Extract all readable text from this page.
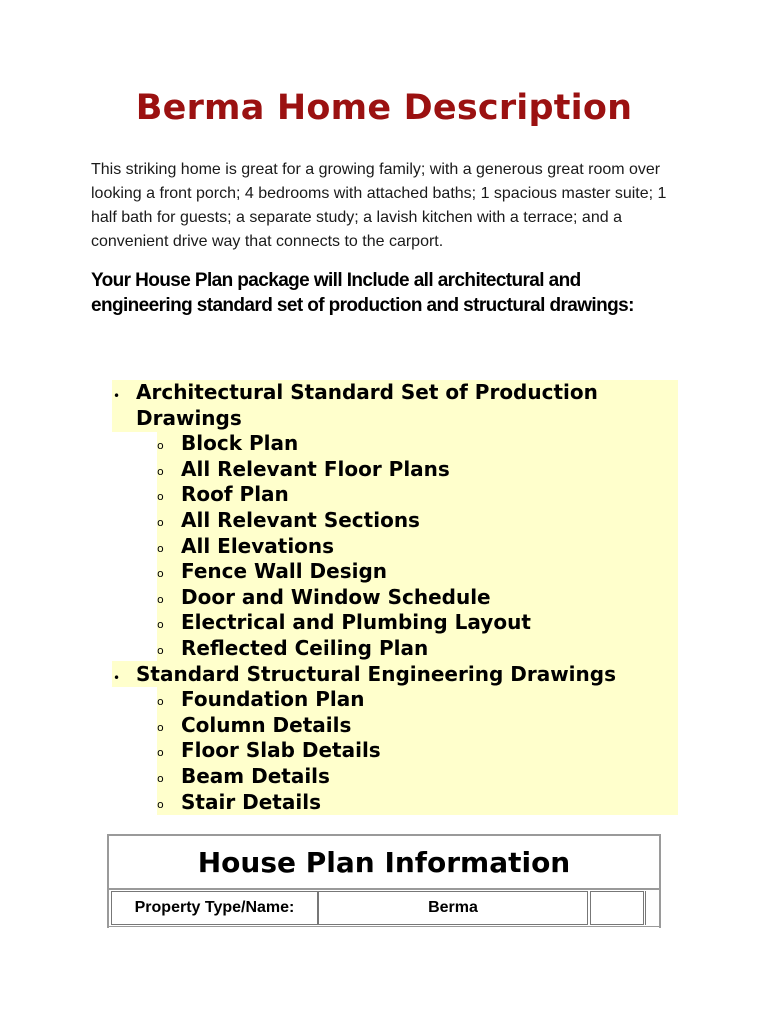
Berma Home Description

This striking home is great for a growing family; with a generous great room over looking a front porch; 4 bedrooms with attached baths; 1 spacious master suite; 1 half bath for guests; a separate study; a lavish kitchen with a terrace; and a convenient drive way that connects to the carport.

Your House Plan package will Include all architectural and engineering standard set of production and structural drawings:

• Architectural Standard Set of Production
Drawings
o Block Plan
o All Relevant Floor Plans
o Roof Plan
o All Relevant Sections
o All Elevations
o Fence Wall Design
o Door and Window Schedule
o Electrical and Plumbing Layout
o Reflected Ceiling Plan
• Standard Structural Engineering Drawings
o Foundation Plan
o Column Details
o Floor Slab Details
o Beam Details
o Stair Details
House Plan Information
Property Type/Name:	Berma
